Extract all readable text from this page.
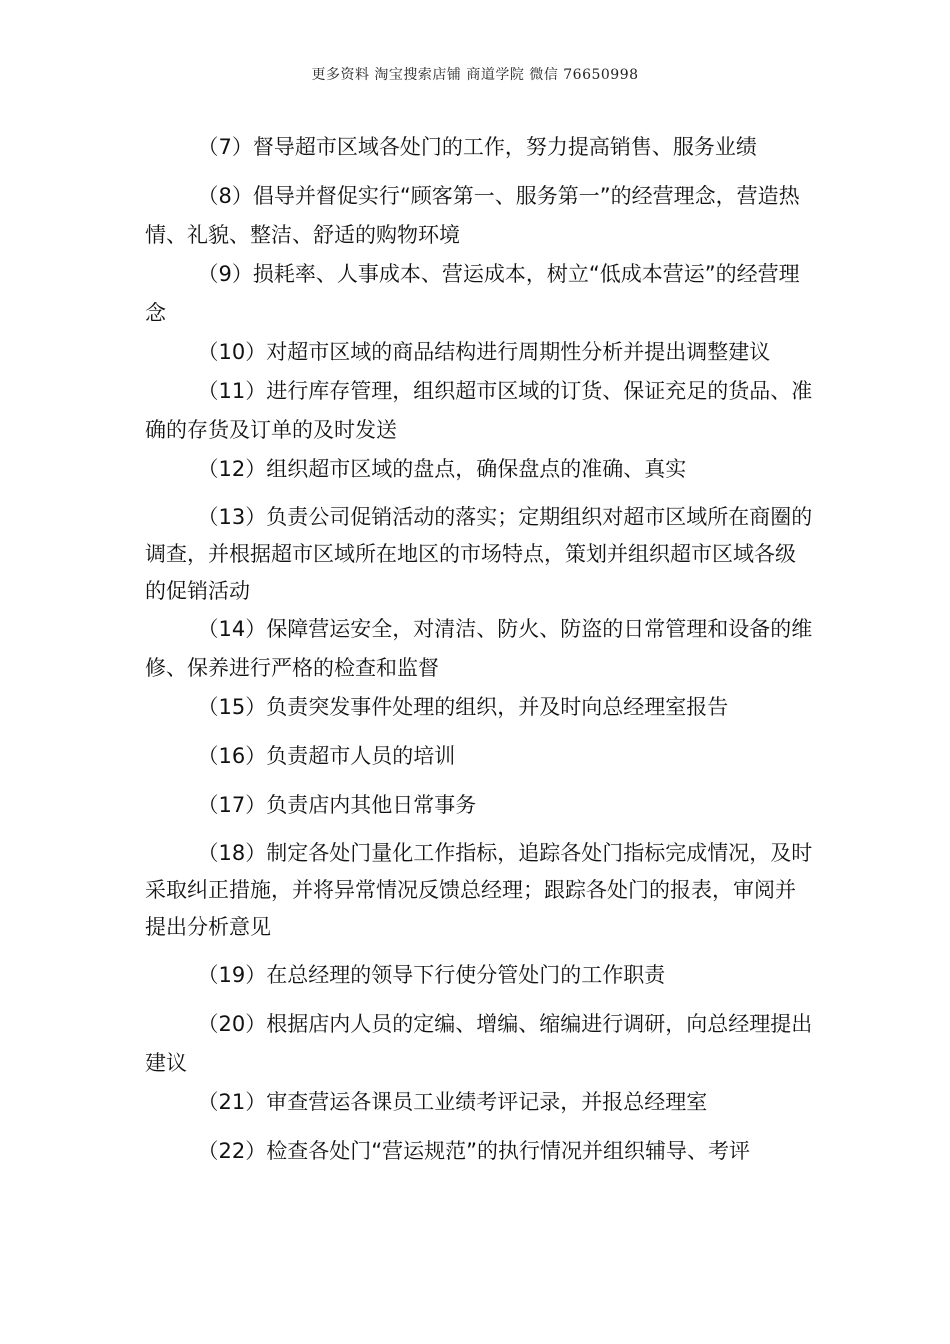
更多资料 淘宝搜索店铺 商道学院 微信 76650998

（7）督导超市区域各处门的工作，努力提高销售、服务业绩

（8）倡导并督促实行“顾客第一、服务第一”的经营理念，营造热情、礼貌、整洁、舒适的购物环境

（9）损耗率、人事成本、营运成本，树立“低成本营运”的经营理念

（10）对超市区域的商品结构进行周期性分析并提出调整建议

（11）进行库存管理，组织超市区域的订货、保证充足的货品、准确的存货及订单的及时发送

（12）组织超市区域的盘点，确保盘点的准确、真实

（13）负责公司促销活动的落实；定期组织对超市区域所在商圈的调查，并根据超市区域所在地区的市场特点，策划并组织超市区域各级的促销活动

（14）保障营运安全，对清洁、防火、防盗的日常管理和设备的维修、保养进行严格的检查和监督

（15）负责突发事件处理的组织，并及时向总经理室报告

（16）负责超市人员的培训

（17）负责店内其他日常事务

（18）制定各处门量化工作指标，追踪各处门指标完成情况，及时采取纠正措施，并将异常情况反馈总经理；跟踪各处门的报表，审阅并提出分析意见

（19）在总经理的领导下行使分管处门的工作职责

（20）根据店内人员的定编、增编、缩编进行调研，向总经理提出建议

（21）审查营运各课员工业绩考评记录，并报总经理室

（22）检查各处门“营运规范”的执行情况并组织辅导、考评
